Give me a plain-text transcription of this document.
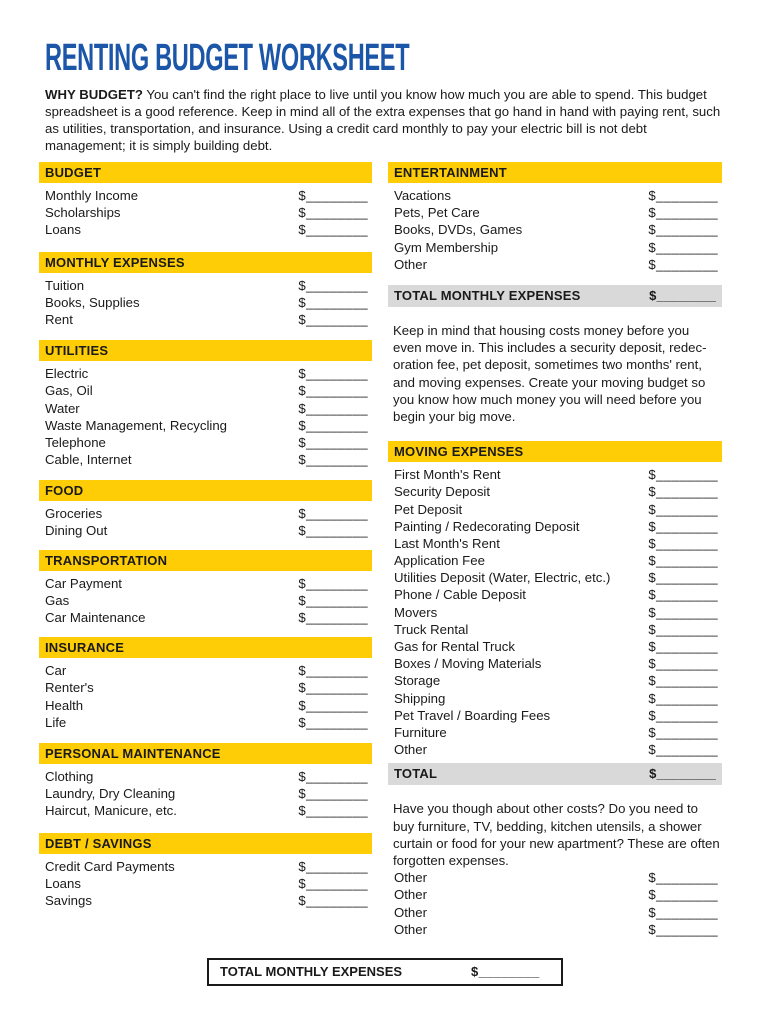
RENTING BUDGET WORKSHEET
WHY BUDGET? You can't find the right place to live until you know how much you are able to spend. This budget spreadsheet is a good reference. Keep in mind all of the extra expenses that go hand in hand with paying rent, such as utilities, transportation, and insurance. Using a credit card monthly to pay your electric bill is not debt management; it is simply building debt.
BUDGET
Monthly Income	$________
Scholarships	$________
Loans	$________
MONTHLY EXPENSES
Tuition	$________
Books, Supplies	$________
Rent	$________
UTILITIES
Electric	$________
Gas, Oil	$________
Water	$________
Waste Management, Recycling	$________
Telephone	$________
Cable, Internet	$________
FOOD
Groceries	$________
Dining Out	$________
TRANSPORTATION
Car Payment	$________
Gas	$________
Car Maintenance	$________
INSURANCE
Car	$________
Renter's	$________
Health	$________
Life	$________
PERSONAL MAINTENANCE
Clothing	$________
Laundry, Dry Cleaning	$________
Haircut, Manicure, etc.	$________
DEBT / SAVINGS
Credit Card Payments	$________
Loans	$________
Savings	$________
ENTERTAINMENT
Vacations	$________
Pets, Pet Care	$________
Books, DVDs, Games	$________
Gym Membership	$________
Other	$________
TOTAL MONTHLY EXPENSES	$________
Keep in mind that housing costs money before you even move in. This includes a security deposit, redec-oration fee, pet deposit, sometimes two months' rent, and moving expenses. Create your moving budget so you know how much money you will need before you begin your big move.
MOVING EXPENSES
First Month's Rent	$________
Security Deposit	$________
Pet Deposit	$________
Painting / Redecorating Deposit	$________
Last Month's Rent	$________
Application Fee	$________
Utilities Deposit (Water, Electric, etc.)	$________
Phone / Cable Deposit	$________
Movers	$________
Truck Rental	$________
Gas for Rental Truck	$________
Boxes / Moving Materials	$________
Storage	$________
Shipping	$________
Pet Travel / Boarding Fees	$________
Furniture	$________
Other	$________
TOTAL	$________
Have you though about other costs? Do you need to buy furniture, TV, bedding, kitchen utensils, a shower curtain or food for your new apartment? These are often forgotten expenses.
Other	$________
Other	$________
Other	$________
Other	$________
TOTAL MONTHLY EXPENSES	$________
